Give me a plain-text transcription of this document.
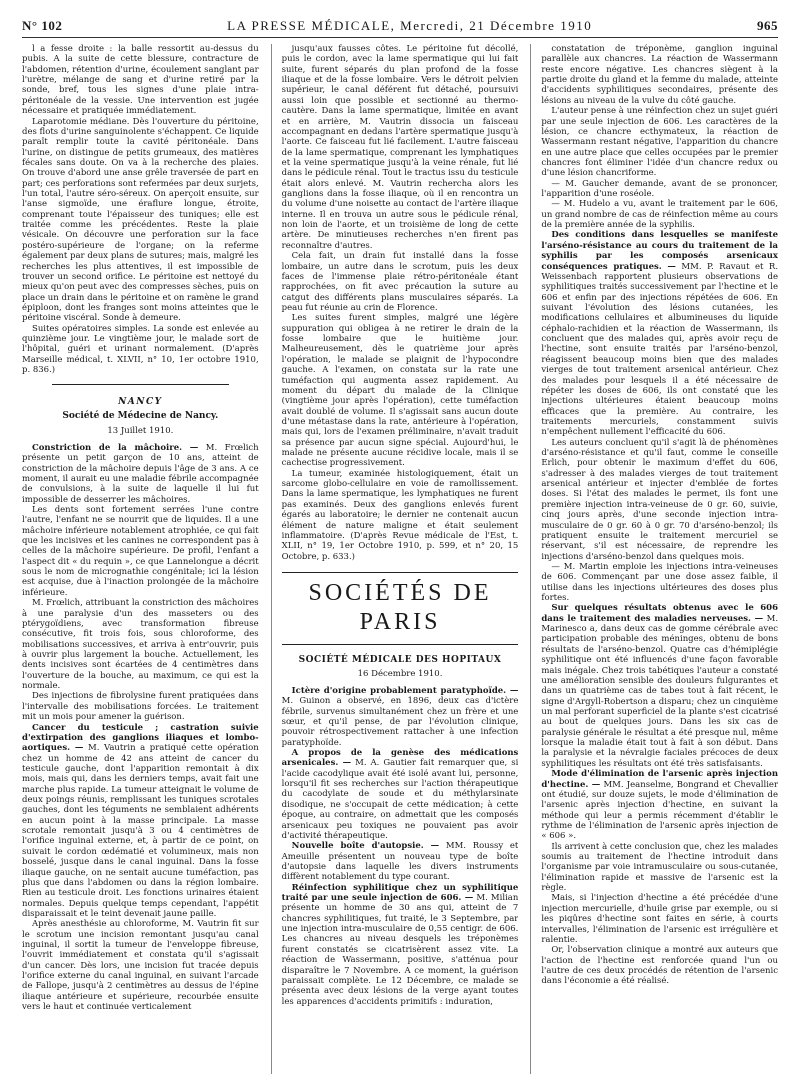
N° 102	LA PRESSE MÉDICALE, Mercredi, 21 Décembre 1910	965

l a fesse droite : la balle ressortit au-dessus du pubis. A la suite de cette blessure, contracture de l'abdomen, rétention d'urine, écoulement sanglant par l'urètre, mélange de sang et d'urine retiré par la sonde, bref, tous les signes d'une plaie intra-péritonéale de la vessie. Une intervention est jugée nécessaire et pratiquée immédiatement.

Laparotomie médiane. Dès l'ouverture du péritoine, des flots d'urine sanguinolente s'échappent. Ce liquide paraît remplir toute la cavité péritonéale. Dans l'urine, on distingue de petits grumeaux, des matières fécales sans doute. On va à la recherche des plaies. On trouve d'abord une anse grêle traversée de part en part; ces perforations sont refermées par deux surjets, l'un total, l'autre séro-séreux. On aperçoit ensuite, sur l'anse sigmoïde, une éraflure longue, étroite, comprenant toute l'épaisseur des tuniques; elle est traitée comme les précédentes. Reste la plaie vésicale. On découvre une perforation sur la face postéro-supérieure de l'organe; on la referme également par deux plans de sutures; mais, malgré les recherches les plus attentives, il est impossible de trouver un second orifice. Le péritoine est nettoyé du mieux qu'on peut avec des compresses sèches, puis on place un drain dans le péritoine et on ramène le grand épiploon, dont les franges sont moins atteintes que le péritoine viscéral. Sonde à demeure.

Suites opératoires simples. La sonde est enlevée au quinzième jour. Le vingtième jour, le malade sort de l'hôpital, guéri et urinant normalement. (D'après Marseille médical, t. XLVII, n° 10, 1er octobre 1910, p. 836.)

NANCY
Société de Médecine de Nancy.
13 Juillet 1910.

Constriction de la mâchoire. — M. Frœlich présente un petit garçon de 10 ans, atteint de constriction de la mâchoire depuis l'âge de 3 ans. A ce moment, il aurait eu une maladie fébrile accompagnée de convulsions, à la suite de laquelle il lui fut impossible de desserrer les mâchoires.

Les dents sont fortement serrées l'une contre l'autre, l'enfant ne se nourrit que de liquides. Il a une mâchoire inférieure notablement atrophiée, ce qui fait que les incisives et les canines ne correspondent pas à celles de la mâchoire supérieure. De profil, l'enfant a l'aspect dit « du requin », ce que Lannelongue a décrit sous le nom de micrognathie congénitale; ici la lésion est acquise, due à l'inaction prolongée de la mâchoire inférieure.

M. Frœlich, attribuant la constriction des mâchoires à une paralysie d'un des masseters ou des ptérygoïdiens, avec transformation fibreuse consécutive, fit trois fois, sous chloroforme, des mobilisations successives, et arriva à entr'ouvrir, puis à ouvrir plus largement la bouche. Actuellement, les dents incisives sont écartées de 4 centimètres dans l'ouverture de la bouche, au maximum, ce qui est la normale.

Des injections de fibrolysine furent pratiquées dans l'intervalle des mobilisations forcées. Le traitement mit un mois pour amener la guérison.

Cancer du testicule ; castration suivie d'extirpation des ganglions iliaques et lombo-aortiques. — M. Vautrin a pratiqué cette opération chez un homme de 42 ans atteint de cancer du testicule gauche, dont l'apparition remontait à dix mois, mais qui, dans les derniers temps, avait fait une marche plus rapide. La tumeur atteignait le volume de deux poings réunis, remplissant les tuniques scrotales gauches, dont les téguments ne semblaient adhérents en aucun point à la masse principale. La masse scrotale remontait jusqu'à 3 ou 4 centimètres de l'orifice inguinal externe, et, à partir de ce point, on suivait le cordon œdématié et volumineux, mais non bosselé, jusque dans le canal inguinal. Dans la fosse iliaque gauche, on ne sentait aucune tuméfaction, pas plus que dans l'abdomen ou dans la région lombaire. Rien au testicule droit. Les fonctions urinaires étaient normales. Depuis quelque temps cependant, l'appétit disparaissait et le teint devenait jaune paille.

Après anesthésie au chloroforme, M. Vautrin fit sur le scrotum une incision remontant jusqu'au canal inguinal, il sortit la tumeur de l'enveloppe fibreuse, l'ouvrit immédiatement et constata qu'il s'agissait d'un cancer. Dès lors, une incision fut tracée depuis l'orifice externe du canal inguinal, en suivant l'arcade de Fallope, jusqu'à 2 centimètres au dessus de l'épine iliaque antérieure et supérieure, recourbée ensuite vers le haut et continuée verticalement

jusqu'aux fausses côtes. Le péritoine fut décollé, puis le cordon, avec la lame spermatique qui lui fait suite, furent séparés du plan profond de la fosse iliaque et de la fosse lombaire. Vers le détroit pelvien supérieur, le canal déférent fut détaché, poursuivi aussi loin que possible et sectionné au thermo-cautère. Dans la lame spermatique, limitée en avant et en arrière, M. Vautrin dissocia un faisceau accompagnant en dedans l'artère spermatique jusqu'à l'aorte. Ce faisceau fut lié facilement. L'autre faisceau de la lame spermatique, comprenant les lymphatiques et la veine spermatique jusqu'à la veine rénale, fut lié dans le pédicule rénal. Tout le tractus issu du testicule était alors enlevé. M. Vautrin rechercha alors les ganglions dans la fosse iliaque, où il en rencontra un du volume d'une noisette au contact de l'artère iliaque interne. Il en trouva un autre sous le pédicule rénal, non loin de l'aorte, et un troisième de long de cette artère. De minutieuses recherches n'en firent pas reconnaître d'autres.

Cela fait, un drain fut installé dans la fosse lombaire, un autre dans le scrotum, puis les deux faces de l'immense plaie rétro-péritonéale étant rapprochées, on fit avec précaution la suture au catgut des différents plans musculaires séparés. La peau fut réunie au crin de Florence.

Les suites furent simples, malgré une légère suppuration qui obligea à ne retirer le drain de la fosse lombaire que le huitième jour. Malheureusement, dès le quatrième jour après l'opération, le malade se plaignit de l'hypocondre gauche. A l'examen, on constata sur la rate une tuméfaction qui augmenta assez rapidement. Au moment du départ du malade de la Clinique (vingtième jour après l'opération), cette tuméfaction avait doublé de volume. Il s'agissait sans aucun doute d'une métastase dans la rate, antérieure à l'opération, mais qui, lors de l'examen préliminaire, n'avait traduit sa présence par aucun signe spécial. Aujourd'hui, le malade ne présente aucune récidive locale, mais il se cachectise progressivement.

La tumeur, examinée histologiquement, était un sarcome globo-cellulaire en voie de ramollissement. Dans la lame spermatique, les lymphatiques ne furent pas examinés. Deux des ganglions enlevés furent égarés au laboratoire; le dernier ne contenait aucun élément de nature maligne et était seulement inflammatoire. (D'après Revue médicale de l'Est, t. XLII, n° 19, 1er Octobre 1910, p. 599, et n° 20, 15 Octobre, p. 633.)

SOCIÉTÉS DE PARIS
SOCIÉTÉ MÉDICALE DES HOPITAUX
16 Décembre 1910.

Ictère d'origine probablement paratyphoïde. — M. Guinon a observé, en 1896, deux cas d'ictère fébrile, survenus simultanément chez un frère et une sœur, et qu'il pense, de par l'évolution clinique, pouvoir rétrospectivement rattacher à une infection paratyphoïde.

A propos de la genèse des médications arsenicales. — M. A. Gautier fait remarquer que, si l'acide cacodylique avait été isolé avant lui, personne, lorsqu'il fit ses recherches sur l'action thérapeutique du cacodylate de soude et du méthylarsinate disodique, ne s'occupait de cette médication; à cette époque, au contraire, on admettait que les composés arsenicaux peu toxiques ne pouvaient pas avoir d'activité thérapeutique.

Nouvelle boîte d'autopsie. — MM. Roussy et Ameuille présentent un nouveau type de boîte d'autopsie dans laquelle les divers instruments diffèrent notablement du type courant.

Réinfection syphilitique chez un syphilitique traité par une seule injection de 606. — M. Milian présente un homme de 30 ans qui, atteint de 7 chancres syphilitiques, fut traité, le 3 Septembre, par une injection intra-musculaire de 0,55 centigr. de 606. Les chancres au niveau desquels les tréponèmes furent constatés se cicatrisèrent assez vite. La réaction de Wassermann, positive, s'atténua pour disparaître le 7 Novembre. A ce moment, la guérison paraissait complète. Le 12 Décembre, ce malade se présenta avec deux lésions de la verge ayant toutes les apparences d'accidents primitifs : induration,

constatation de tréponème, ganglion inguinal parallèle aux chancres. La réaction de Wassermann reste encore négative. Les chancres siègent à la partie droite du gland et la femme du malade, atteinte d'accidents syphilitiques secondaires, présente des lésions au niveau de la vulve du côté gauche.

L'auteur pense à une réinfection chez un sujet guéri par une seule injection de 606. Les caractères de la lésion, ce chancre ecthymateux, la réaction de Wassermann restant négative, l'apparition du chancre en une autre place que celles occupées par le premier chancres font éliminer l'idée d'un chancre redux ou d'une lésion chancriforme.

— M. Gaucher demande, avant de se prononcer, l'apparition d'une roséole.

— M. Hudelo a vu, avant le traitement par le 606, un grand nombre de cas de réinfection même au cours de la première année de la syphilis.

Des conditions dans lesquelles se manifeste l'arséno-résistance au cours du traitement de la syphilis par les composés arsenicaux conséquences pratiques. — MM. P. Ravaut et R. Weissenbach rapportent plusieurs observations de syphilitiques traités successivement par l'hectine et le 606 et enfin par des injections répétées de 606. En suivant l'évolution des lésions cutanées, les modifications cellulaires et albumineuses du liquide céphalo-rachidien et la réaction de Wassermann, ils concluent que des malades qui, après avoir reçu de l'hectine, sont ensuite traités par l'arséno-benzol, réagissent beaucoup moins bien que des malades vierges de tout traitement arsenical antérieur. Chez des malades pour lesquels il a été nécessaire de répéter les doses de 606, ils ont constaté que les injections ultérieures étaient beaucoup moins efficaces que la première. Au contraire, les traitements mercuriels, constamment suivis n'empêchent nullement l'efficacité du 606.

Les auteurs concluent qu'il s'agit là de phénomènes d'arséno-résistance et qu'il faut, comme le conseille Erlich, pour obtenir le maximum d'effet du 606, s'adresser à des malades vierges de tout traitement arsenical antérieur et injecter d'emblée de fortes doses. Si l'état des malades le permet, ils font une première injection intra-veineuse de 0 gr. 60, suivie, cinq jours après, d'une seconde injection intra-musculaire de 0 gr. 60 à 0 gr. 70 d'arséno-benzol; ils pratiquent ensuite le traitement mercuriel se réservant, s'il est nécessaire, de reprendre les injections d'arséno-benzol dans quelques mois.

— M. Martin emploie les injections intra-veineuses de 606. Commençant par une dose assez faible, il utilise dans les injections ultérieures des doses plus fortes.

Sur quelques résultats obtenus avec le 606 dans le traitement des maladies nerveuses. — M. Marinesco a, dans deux cas de gomme cérébrale avec participation probable des méninges, obtenu de bons résultats de l'arséno-benzol. Quatre cas d'hémiplégie syphilitique ont été influencés d'une façon favorable mais inégale. Chez trois tabétiques l'auteur a constaté une amélioration sensible des douleurs fulgurantes et dans un quatrième cas de tabes tout à fait récent, le signe d'Argyll-Robertson a disparu; chez un cinquième un mal perforant superficiel de la plante s'est cicatrisé au bout de quelques jours. Dans les six cas de paralysie générale le résultat a été presque nul, même lorsque la maladie était tout à fait à son début. Dans la paralysie et la névralgie faciales précoces de deux syphilitiques les résultats ont été très satisfaisants.

Mode d'élimination de l'arsenic après injection d'hectine. — MM. Jeanselme, Bongrand et Chevallier ont étudié, sur douze sujets, le mode d'élimination de l'arsenic après injection d'hectine, en suivant la méthode qui leur a permis récemment d'établir le rythme de l'élimination de l'arsenic après injection de « 606 ».

Ils arrivent à cette conclusion que, chez les malades soumis au traitement de l'hectine introduit dans l'organisme par voie intramusculaire ou sous-cutanée, l'élimination rapide et massive de l'arsenic est la règle.

Mais, si l'injection d'hectine a été précédée d'une injection mercurielle, d'huile grise par exemple, ou si les piqûres d'hectine sont faites en série, à courts intervalles, l'élimination de l'arsenic est irrégulière et ralentie.

Or, l'observation clinique a montré aux auteurs que l'action de l'hectine est renforcée quand l'un ou l'autre de ces deux procédés de rétention de l'arsenic dans l'économie a été réalisé.
